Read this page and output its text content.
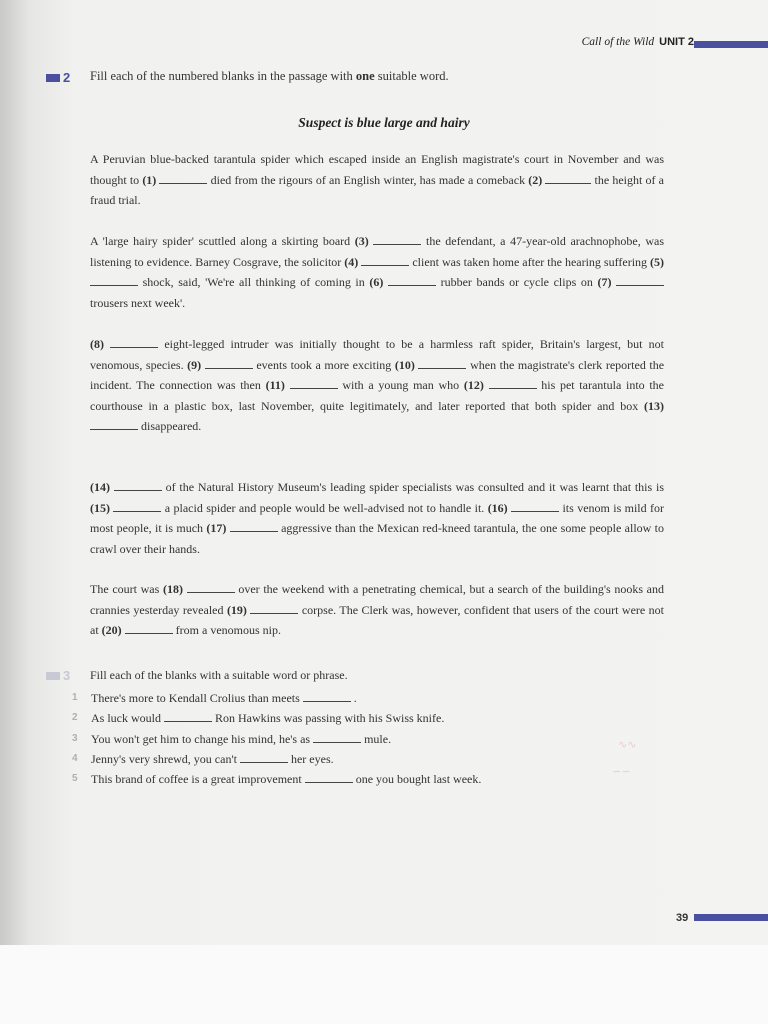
Call of the Wild UNIT 2
2 Fill each of the numbered blanks in the passage with one suitable word.
Suspect is blue large and hairy
A Peruvian blue-backed tarantula spider which escaped inside an English magistrate's court in November and was thought to (1)	died from the rigours of an English winter, has made a comeback (2)	the height of a fraud trial.
A 'large hairy spider' scuttled along a skirting board (3)	the defendant, a 47-year-old arachnophobe, was listening to evidence. Barney Cosgrave, the solicitor (4)	client was taken home after the hearing suffering (5)  shock, said, 'We're all thinking of coming in (6)	rubber bands or cycle clips on (7)  trousers next week'.
(8)	eight-legged intruder was initially thought to be a harmless raft spider, Britain's largest, but not venomous, species. (9)	events took a more exciting (10)	when the magistrate's clerk reported the incident. The connection was then (11)	with a young man who (12)	his pet tarantula into the courthouse in a plastic box, last November, quite legitimately, and later reported that both spider and box (13)  disappeared.
(14)	of the Natural History Museum's leading spider specialists was consulted and it was learnt that this is (15)	a placid spider and people would be well-advised not to handle it. (16)	its venom is mild for most people, it is much (17)	aggressive than the Mexican red-kneed tarantula, the one some people allow to crawl over their hands.
The court was (18)	over the weekend with a penetrating chemical, but a search of the building's nooks and crannies yesterday revealed (19)	corpse. The Clerk was, however, confident that users of the court were not at (20)	from a venomous nip.
3 Fill each of the blanks with a suitable word or phrase.
1	There's more to Kendall Crolius than meets	.
2	As luck would	Ron Hawkins was passing with his Swiss knife.
3	You won't get him to change his mind, he's as	mule.
4	Jenny's very shrewd, you can't	her eyes.
5	This brand of coffee is a great improvement	one you bought last week.
∿∿
∽∽
39
